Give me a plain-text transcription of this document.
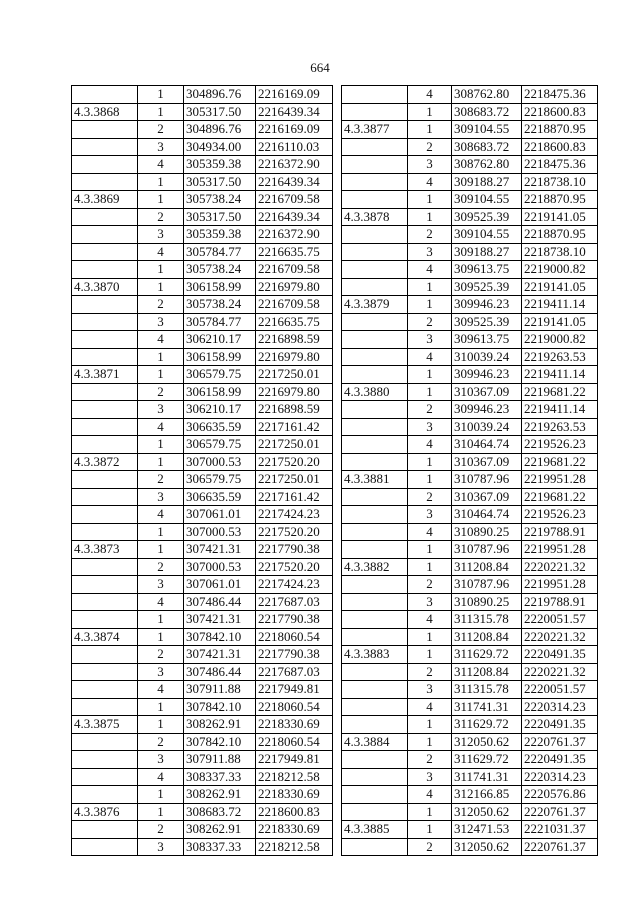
664
	1	304896.76	2216169.09
4.3.3868	1	305317.50	2216439.34
	2	304896.76	2216169.09
	3	304934.00	2216110.03
	4	305359.38	2216372.90
	1	305317.50	2216439.34
4.3.3869	1	305738.24	2216709.58
	2	305317.50	2216439.34
	3	305359.38	2216372.90
	4	305784.77	2216635.75
	1	305738.24	2216709.58
4.3.3870	1	306158.99	2216979.80
	2	305738.24	2216709.58
	3	305784.77	2216635.75
	4	306210.17	2216898.59
	1	306158.99	2216979.80
4.3.3871	1	306579.75	2217250.01
	2	306158.99	2216979.80
	3	306210.17	2216898.59
	4	306635.59	2217161.42
	1	306579.75	2217250.01
4.3.3872	1	307000.53	2217520.20
	2	306579.75	2217250.01
	3	306635.59	2217161.42
	4	307061.01	2217424.23
	1	307000.53	2217520.20
4.3.3873	1	307421.31	2217790.38
	2	307000.53	2217520.20
	3	307061.01	2217424.23
	4	307486.44	2217687.03
	1	307421.31	2217790.38
4.3.3874	1	307842.10	2218060.54
	2	307421.31	2217790.38
	3	307486.44	2217687.03
	4	307911.88	2217949.81
	1	307842.10	2218060.54
4.3.3875	1	308262.91	2218330.69
	2	307842.10	2218060.54
	3	307911.88	2217949.81
	4	308337.33	2218212.58
	1	308262.91	2218330.69
4.3.3876	1	308683.72	2218600.83
	2	308262.91	2218330.69
	3	308337.33	2218212.58
	4	308762.80	2218475.36
	1	308683.72	2218600.83
4.3.3877	1	309104.55	2218870.95
	2	308683.72	2218600.83
	3	308762.80	2218475.36
	4	309188.27	2218738.10
	1	309104.55	2218870.95
4.3.3878	1	309525.39	2219141.05
	2	309104.55	2218870.95
	3	309188.27	2218738.10
	4	309613.75	2219000.82
	1	309525.39	2219141.05
4.3.3879	1	309946.23	2219411.14
	2	309525.39	2219141.05
	3	309613.75	2219000.82
	4	310039.24	2219263.53
	1	309946.23	2219411.14
4.3.3880	1	310367.09	2219681.22
	2	309946.23	2219411.14
	3	310039.24	2219263.53
	4	310464.74	2219526.23
	1	310367.09	2219681.22
4.3.3881	1	310787.96	2219951.28
	2	310367.09	2219681.22
	3	310464.74	2219526.23
	4	310890.25	2219788.91
	1	310787.96	2219951.28
4.3.3882	1	311208.84	2220221.32
	2	310787.96	2219951.28
	3	310890.25	2219788.91
	4	311315.78	2220051.57
	1	311208.84	2220221.32
4.3.3883	1	311629.72	2220491.35
	2	311208.84	2220221.32
	3	311315.78	2220051.57
	4	311741.31	2220314.23
	1	311629.72	2220491.35
4.3.3884	1	312050.62	2220761.37
	2	311629.72	2220491.35
	3	311741.31	2220314.23
	4	312166.85	2220576.86
	1	312050.62	2220761.37
4.3.3885	1	312471.53	2221031.37
	2	312050.62	2220761.37
